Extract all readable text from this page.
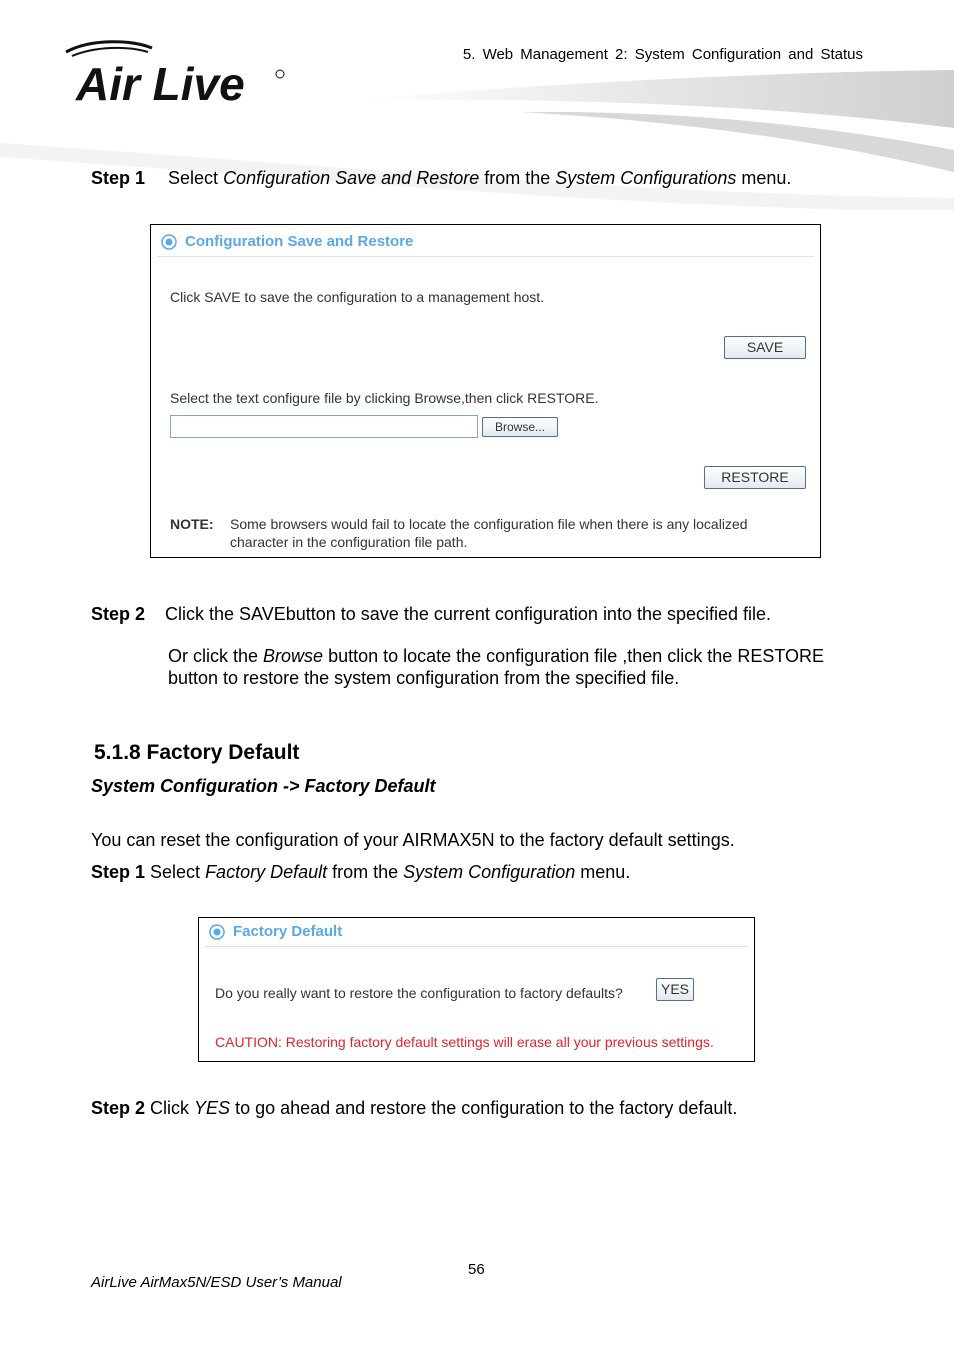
Air Live
5. Web Management 2: System Configuration and Status
Step 1 Select Configuration Save and Restore from the System Configurations menu.
Configuration Save and Restore
Click SAVE to save the configuration to a management host.
SAVE
Select the text configure file by clicking Browse,then click RESTORE.
Browse...
RESTORE
NOTE: Some browsers would fail to locate the configuration file when there is any localized
character in the configuration file path.
Step 2 Click the SAVEbutton to save the current configuration into the specified file.
Or click the Browse button to locate the configuration file ,then click the RESTORE
button to restore the system configuration from the specified file.
5.1.8 Factory Default
System Configuration -> Factory Default
You can reset the configuration of your AIRMAX5N to the factory default settings.
Step 1 Select Factory Default from the System Configuration menu.
Factory Default
Do you really want to restore the configuration to factory defaults?	YES
CAUTION: Restoring factory default settings will erase all your previous settings.
Step 2 Click YES to go ahead and restore the configuration to the factory default.
56
AirLive AirMax5N/ESD User’s Manual
